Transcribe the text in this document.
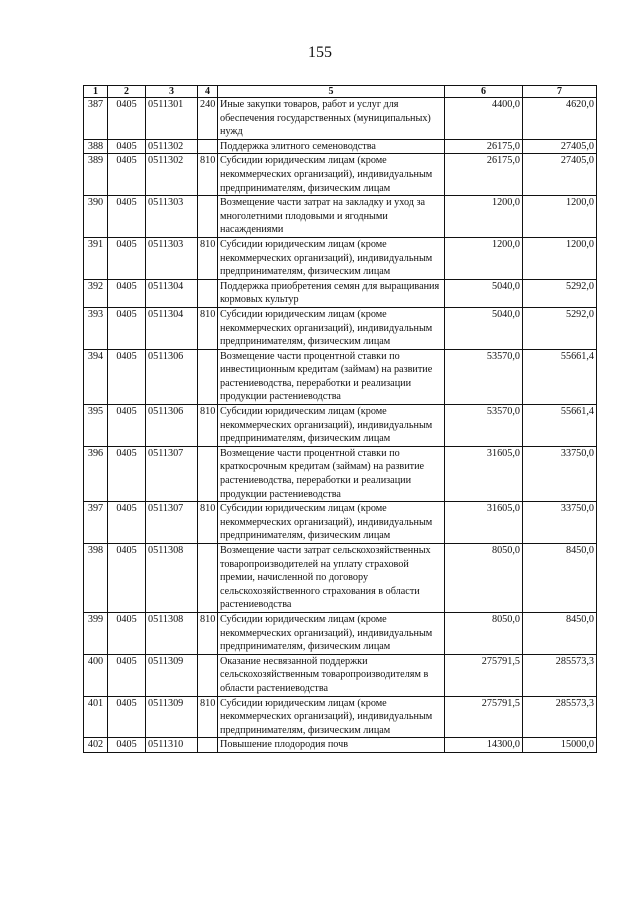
155
1	2	3	4	5	6	7
387	0405	0511301	240	Иные закупки товаров, работ и услуг для обеспечения государственных (муниципальных) нужд	4400,0	4620,0
388	0405	0511302		Поддержка элитного семеноводства	26175,0	27405,0
389	0405	0511302	810	Субсидии юридическим лицам (кроме некоммерческих организаций), индивидуальным предпринимателям, физическим лицам	26175,0	27405,0
390	0405	0511303		Возмещение части затрат на закладку и уход за многолетними плодовыми и ягодными насаждениями	1200,0	1200,0
391	0405	0511303	810	Субсидии юридическим лицам (кроме некоммерческих организаций), индивидуальным предпринимателям, физическим лицам	1200,0	1200,0
392	0405	0511304		Поддержка приобретения семян для выращивания кормовых культур	5040,0	5292,0
393	0405	0511304	810	Субсидии юридическим лицам (кроме некоммерческих организаций), индивидуальным предпринимателям, физическим лицам	5040,0	5292,0
394	0405	0511306		Возмещение части процентной ставки по инвестиционным кредитам (займам) на развитие растениеводства, переработки и реализации продукции растениеводства	53570,0	55661,4
395	0405	0511306	810	Субсидии юридическим лицам (кроме некоммерческих организаций), индивидуальным предпринимателям, физическим лицам	53570,0	55661,4
396	0405	0511307		Возмещение части процентной ставки по краткосрочным кредитам (займам) на развитие растениеводства, переработки и реализации продукции растениеводства	31605,0	33750,0
397	0405	0511307	810	Субсидии юридическим лицам (кроме некоммерческих организаций), индивидуальным предпринимателям, физическим лицам	31605,0	33750,0
398	0405	0511308		Возмещение части затрат сельскохозяйственных товаропроизводителей на уплату страховой премии, начисленной по договору сельскохозяйственного страхования в области растениеводства	8050,0	8450,0
399	0405	0511308	810	Субсидии юридическим лицам (кроме некоммерческих организаций), индивидуальным предпринимателям, физическим лицам	8050,0	8450,0
400	0405	0511309		Оказание несвязанной поддержки сельскохозяйственным товаропроизводителям в области растениеводства	275791,5	285573,3
401	0405	0511309	810	Субсидии юридическим лицам (кроме некоммерческих организаций), индивидуальным предпринимателям, физическим лицам	275791,5	285573,3
402	0405	0511310		Повышение плодородия почв	14300,0	15000,0
